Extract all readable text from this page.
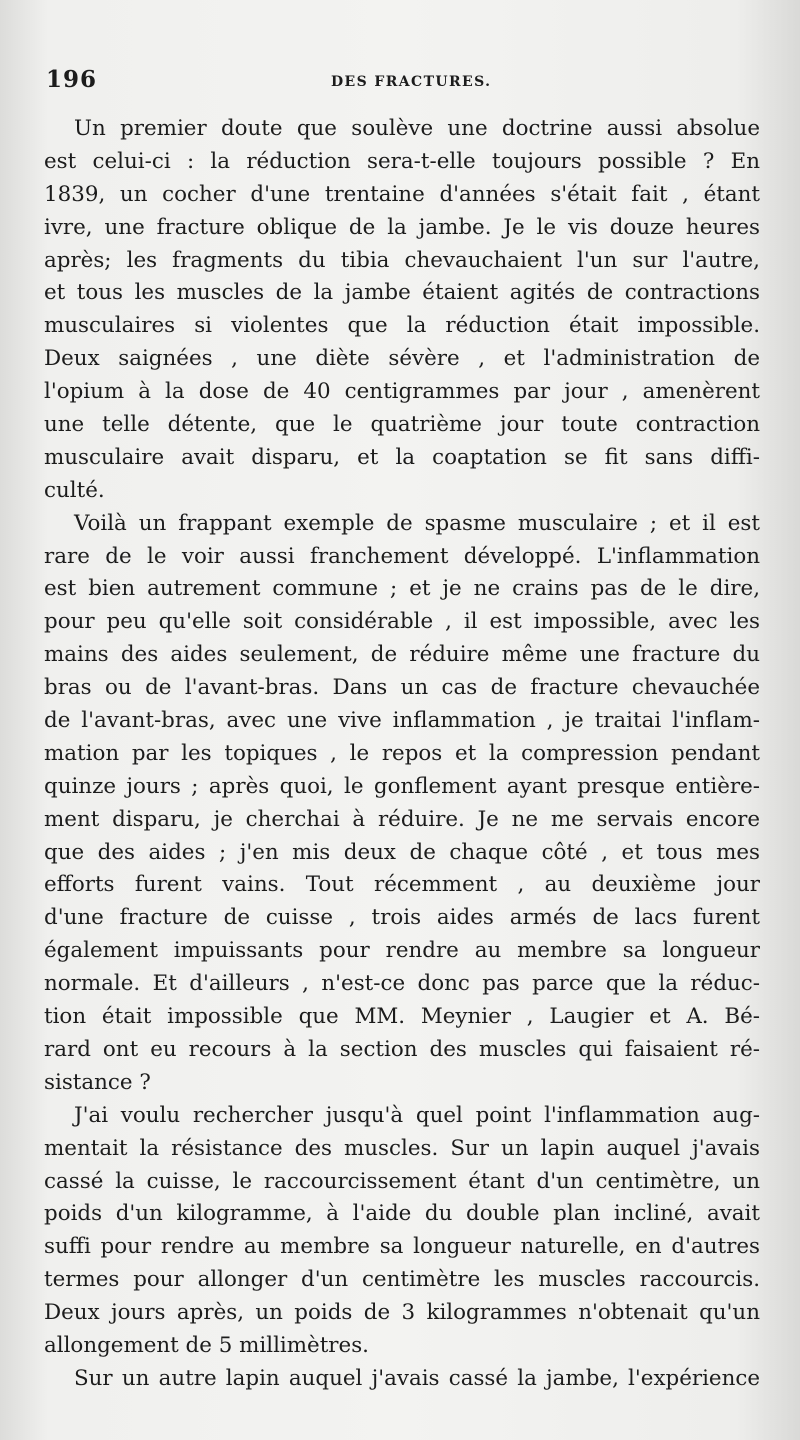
196	DES FRACTURES.
Un premier doute que soulève une doctrine aussi absolue
est celui-ci : la réduction sera-t-elle toujours possible ? En
1839, un cocher d'une trentaine d'années s'était fait , étant
ivre, une fracture oblique de la jambe. Je le vis douze heures
après; les fragments du tibia chevauchaient l'un sur l'autre,
et tous les muscles de la jambe étaient agités de contractions
musculaires si violentes que la réduction était impossible.
Deux saignées , une diète sévère , et l'administration de
l'opium à la dose de 40 centigrammes par jour , amenèrent
une telle détente, que le quatrième jour toute contraction
musculaire avait disparu, et la coaptation se fit sans diffi-
culté.
Voilà un frappant exemple de spasme musculaire ; et il est
rare de le voir aussi franchement développé. L'inflammation
est bien autrement commune ; et je ne crains pas de le dire,
pour peu qu'elle soit considérable , il est impossible, avec les
mains des aides seulement, de réduire même une fracture du
bras ou de l'avant-bras. Dans un cas de fracture chevauchée
de l'avant-bras, avec une vive inflammation , je traitai l'inflam-
mation par les topiques , le repos et la compression pendant
quinze jours ; après quoi, le gonflement ayant presque entière-
ment disparu, je cherchai à réduire. Je ne me servais encore
que des aides ; j'en mis deux de chaque côté , et tous mes
efforts furent vains. Tout récemment , au deuxième jour
d'une fracture de cuisse , trois aides armés de lacs furent
également impuissants pour rendre au membre sa longueur
normale. Et d'ailleurs , n'est-ce donc pas parce que la réduc-
tion était impossible que MM. Meynier , Laugier et A. Bé-
rard ont eu recours à la section des muscles qui faisaient ré-
sistance ?
J'ai voulu rechercher jusqu'à quel point l'inflammation aug-
mentait la résistance des muscles. Sur un lapin auquel j'avais
cassé la cuisse, le raccourcissement étant d'un centimètre, un
poids d'un kilogramme, à l'aide du double plan incliné, avait
suffi pour rendre au membre sa longueur naturelle, en d'autres
termes pour allonger d'un centimètre les muscles raccourcis.
Deux jours après, un poids de 3 kilogrammes n'obtenait qu'un
allongement de 5 millimètres.
Sur un autre lapin auquel j'avais cassé la jambe, l'expérience
